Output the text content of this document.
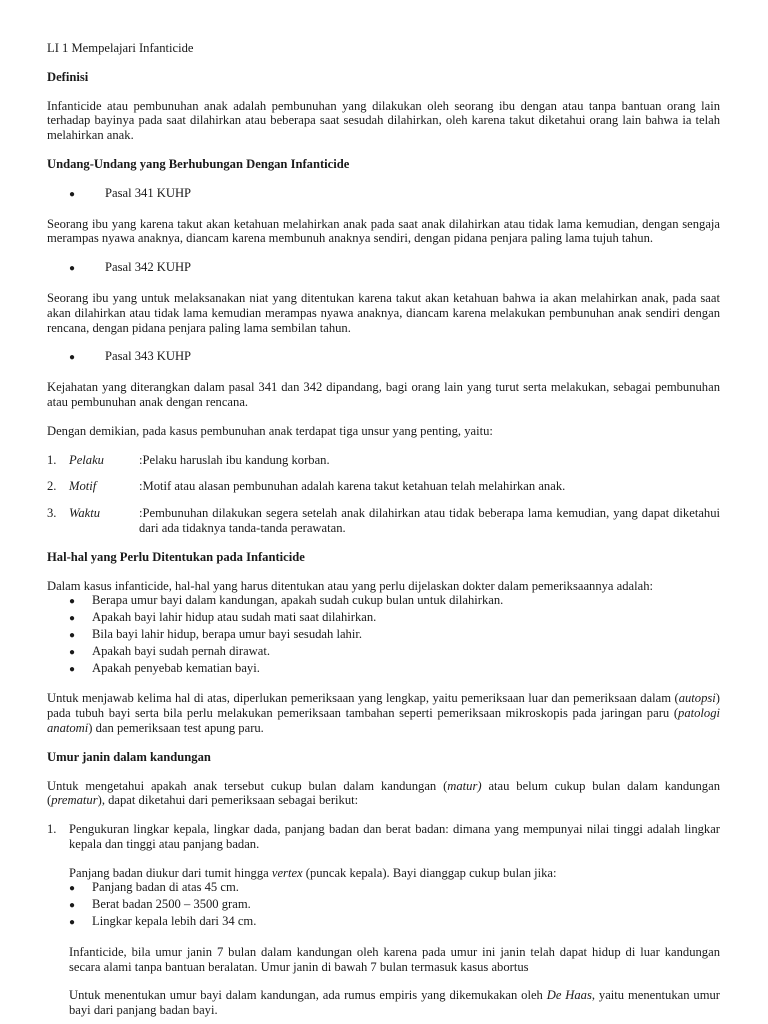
LI 1 Mempelajari Infanticide

Definisi

Infanticide atau pembunuhan anak adalah pembunuhan yang dilakukan oleh seorang ibu dengan atau tanpa bantuan orang lain terhadap bayinya pada saat dilahirkan atau beberapa saat sesudah dilahirkan, oleh karena takut diketahui orang lain bahwa ia telah melahirkan anak.

Undang-Undang yang Berhubungan Dengan Infanticide

●	Pasal 341 KUHP

Seorang ibu yang karena takut akan ketahuan melahirkan anak pada saat anak dilahirkan atau tidak lama kemudian, dengan sengaja merampas nyawa anaknya, diancam karena membunuh anaknya sendiri, dengan pidana penjara paling lama tujuh tahun.

●	Pasal 342 KUHP

Seorang ibu yang untuk melaksanakan niat yang ditentukan karena takut akan ketahuan bahwa ia akan melahirkan anak, pada saat akan dilahirkan atau tidak lama kemudian merampas nyawa anaknya, diancam karena melakukan pembunuhan anak sendiri dengan rencana, dengan pidana penjara paling lama sembilan tahun.

●	Pasal 343 KUHP

Kejahatan yang diterangkan dalam pasal 341 dan 342 dipandang, bagi orang lain yang turut serta melakukan, sebagai pembunuhan atau pembunuhan anak dengan rencana.

Dengan demikian, pada kasus pembunuhan anak terdapat tiga unsur yang penting, yaitu:

1. Pelaku	:Pelaku haruslah ibu kandung korban.
2. Motif	:Motif atau alasan pembunuhan adalah karena takut ketahuan telah melahirkan anak.
3. Waktu	:Pembunuhan dilakukan segera setelah anak dilahirkan atau tidak beberapa lama kemudian, yang dapat diketahui dari ada tidaknya tanda-tanda perawatan.

Hal-hal yang Perlu Ditentukan pada Infanticide

Dalam kasus infanticide, hal-hal yang harus ditentukan atau yang perlu dijelaskan dokter dalam pemeriksaannya adalah:

●	Berapa umur bayi dalam kandungan, apakah sudah cukup bulan untuk dilahirkan.
●	Apakah bayi lahir hidup atau sudah mati saat dilahirkan.
●	Bila bayi lahir hidup, berapa umur bayi sesudah lahir.
●	Apakah bayi sudah pernah dirawat.
●	Apakah penyebab kematian bayi.

Untuk menjawab kelima hal di atas, diperlukan pemeriksaan yang lengkap, yaitu pemeriksaan luar dan pemeriksaan dalam (autopsi) pada tubuh bayi serta bila perlu melakukan pemeriksaan tambahan seperti pemeriksaan mikroskopis pada jaringan paru (patologi anatomi) dan pemeriksaan test apung paru.

Umur janin dalam kandungan

Untuk mengetahui apakah anak tersebut cukup bulan dalam kandungan (matur) atau belum cukup bulan dalam kandungan (prematur), dapat diketahui dari pemeriksaan sebagai berikut:

1. Pengukuran lingkar kepala, lingkar dada, panjang badan dan berat badan: dimana yang mempunyai nilai tinggi adalah lingkar kepala dan tinggi atau panjang badan.

Panjang badan diukur dari tumit hingga vertex (puncak kepala). Bayi dianggap cukup bulan jika:

●	Panjang badan di atas 45 cm.
●	Berat badan 2500 – 3500 gram.
●	Lingkar kepala lebih dari 34 cm.

Infanticide, bila umur janin 7 bulan dalam kandungan oleh karena pada umur ini janin telah dapat hidup di luar kandungan secara alami tanpa bantuan beralatan. Umur janin di bawah 7 bulan termasuk kasus abortus

Untuk menentukan umur bayi dalam kandungan, ada rumus empiris yang dikemukakan oleh De Haas, yaitu menentukan umur bayi dari panjang badan bayi.
